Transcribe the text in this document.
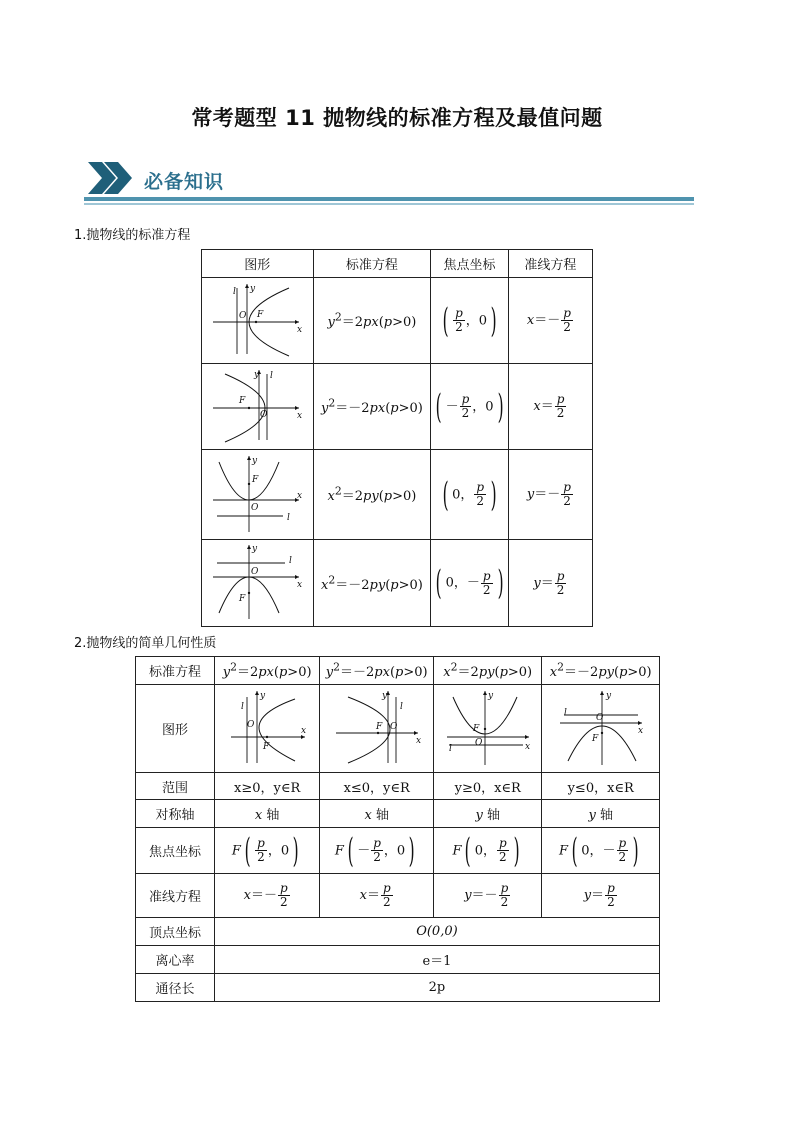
常考题型 11 抛物线的标准方程及最值问题
必备知识
1.抛物线的标准方程
图形	标准方程	焦点坐标	准线方程

l y
O F
x	$y^2=2px(p>0)$	( $\frac{p}{2}$ ，0 )	$x=- \frac{p}{2}$

y l
F
O x	$y^2=-2px(p>0)$	( － $\frac{p}{2}$ ，0 )	$x= \frac{p}{2}$

y
F
O
x
l	$x^2=2py(p>0)$	( 0， $\frac{p}{2}$ )	$y=- \frac{p}{2}$

y
l
O
x
F	$x^2=-2py(p>0)$	( 0，－ $\frac{p}{2}$ )	$y= \frac{p}{2}$
2.抛物线的简单几何性质
标准方程	$y^2=2px(p>0)$	$y^2=-2px(p>0)$	$x^2=2py(p>0)$	$x^2=-2py(p>0)$
图形	l
y
O
F
x	y
l
F O
x	y
F
O x
l	y
l O
x
F

范围	x≥0，y∈R	x≤0，y∈R	y≥0，x∈R	y≤0，x∈R
对称轴	x 轴	x 轴	y 轴	y 轴
焦点坐标	F ( $\frac{p}{2}$ ，0 )	F ( － $\frac{p}{2}$ ，0 )	F ( 0， $\frac{p}{2}$ )	F ( 0，－ $\frac{p}{2}$ )
准线方程	$x=- \frac{p}{2}$	$x= \frac{p}{2}$	$y=- \frac{p}{2}$	$y= \frac{p}{2}$

顶点坐标	O(0,0)			
离心率	e＝1			
通径长	2p			
